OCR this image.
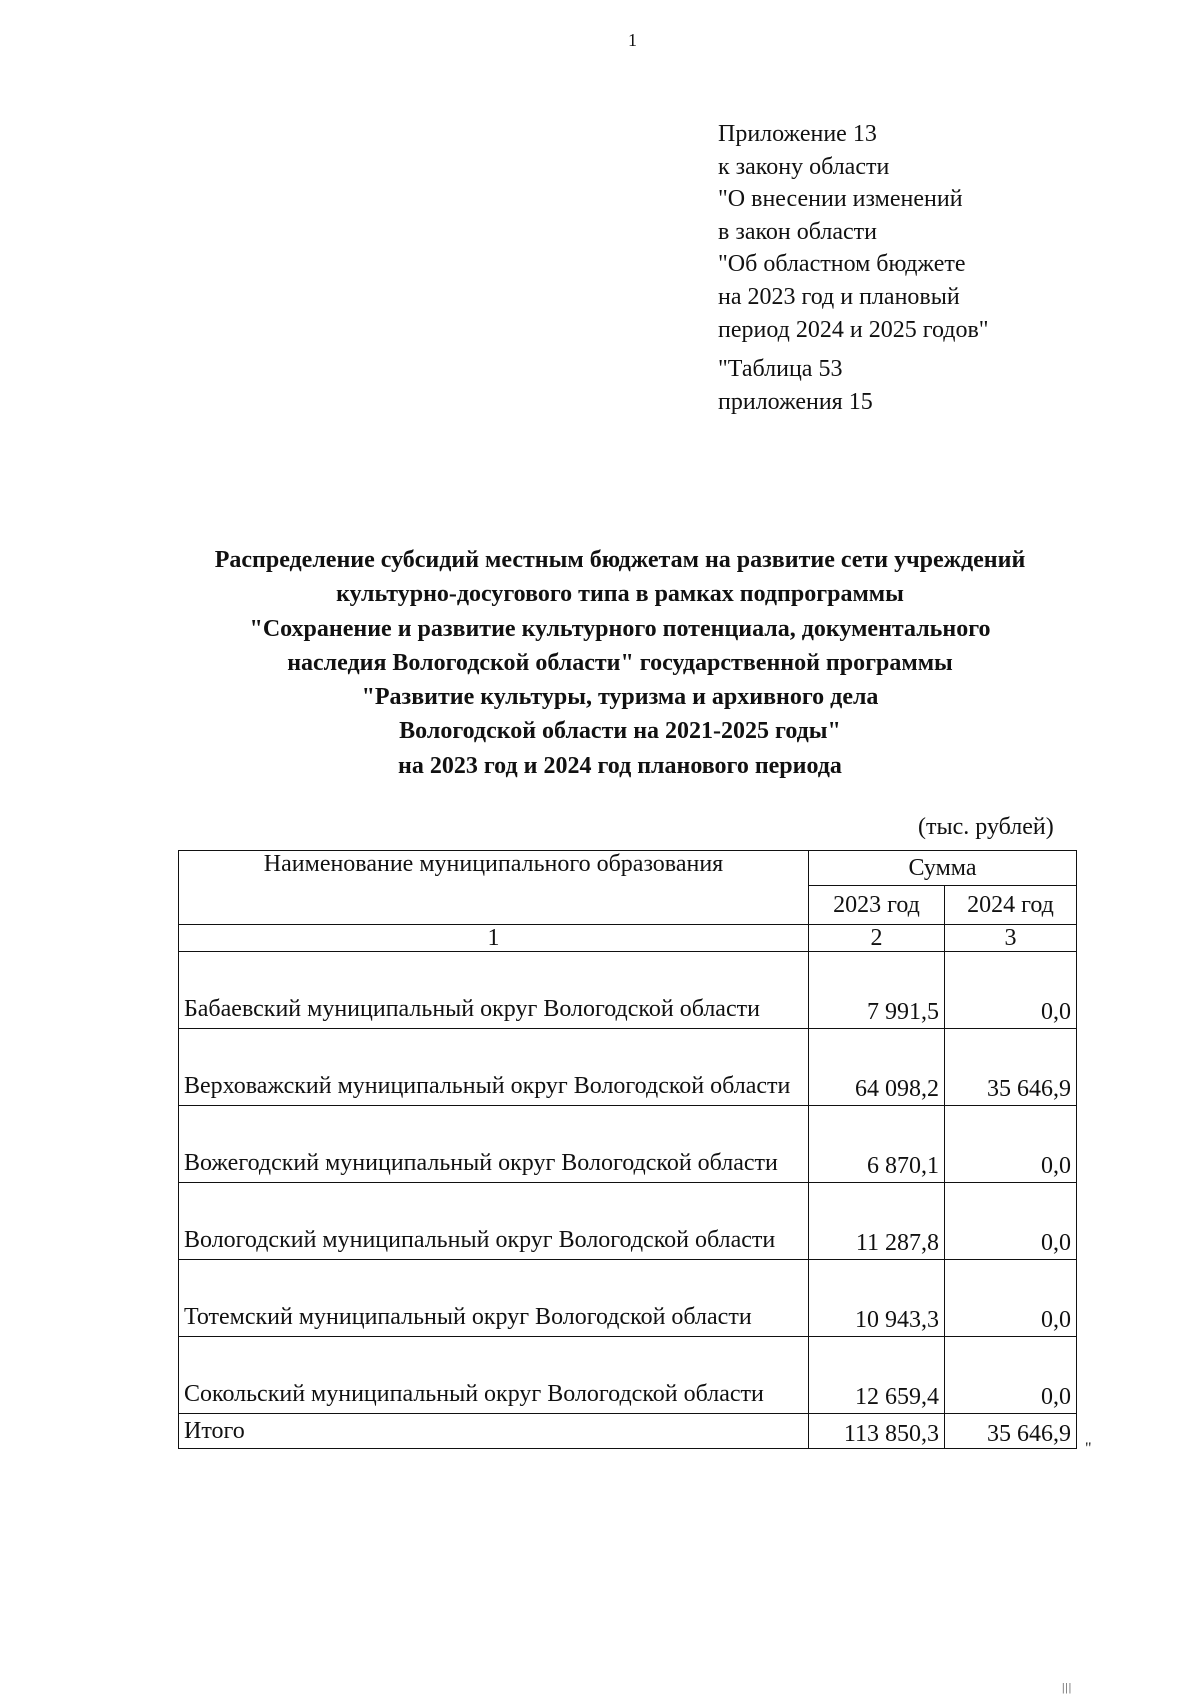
1
Приложение 13
к закону области
"О внесении изменений
в закон области
"Об областном бюджете
на 2023 год и плановый
период 2024 и 2025 годов"
"Таблица 53
приложения 15
Распределение субсидий местным бюджетам на развитие сети учреждений
культурно-досугового типа в рамках подпрограммы
"Сохранение и развитие культурного потенциала, документального
наследия Вологодской области" государственной программы
"Развитие культуры, туризма и архивного дела
Вологодской области на 2021-2025 годы"
на 2023 год и 2024 год планового периода
(тыс. рублей)
Наименование муниципального образования	Сумма	
	2023 год	2024 год
1	2	3
Бабаевский муниципальный округ Вологодской области	7 991,5	0,0
Верховажский муниципальный округ Вологодской области	64 098,2	35 646,9
Вожегодский муниципальный округ Вологодской области	6 870,1	0,0
Вологодский муниципальный округ Вологодской области	11 287,8	0,0
Тотемский муниципальный округ Вологодской области	10 943,3	0,0
Сокольский муниципальный округ Вологодской области	12 659,4	0,0
Итого	113 850,3	35 646,9
"
|||
